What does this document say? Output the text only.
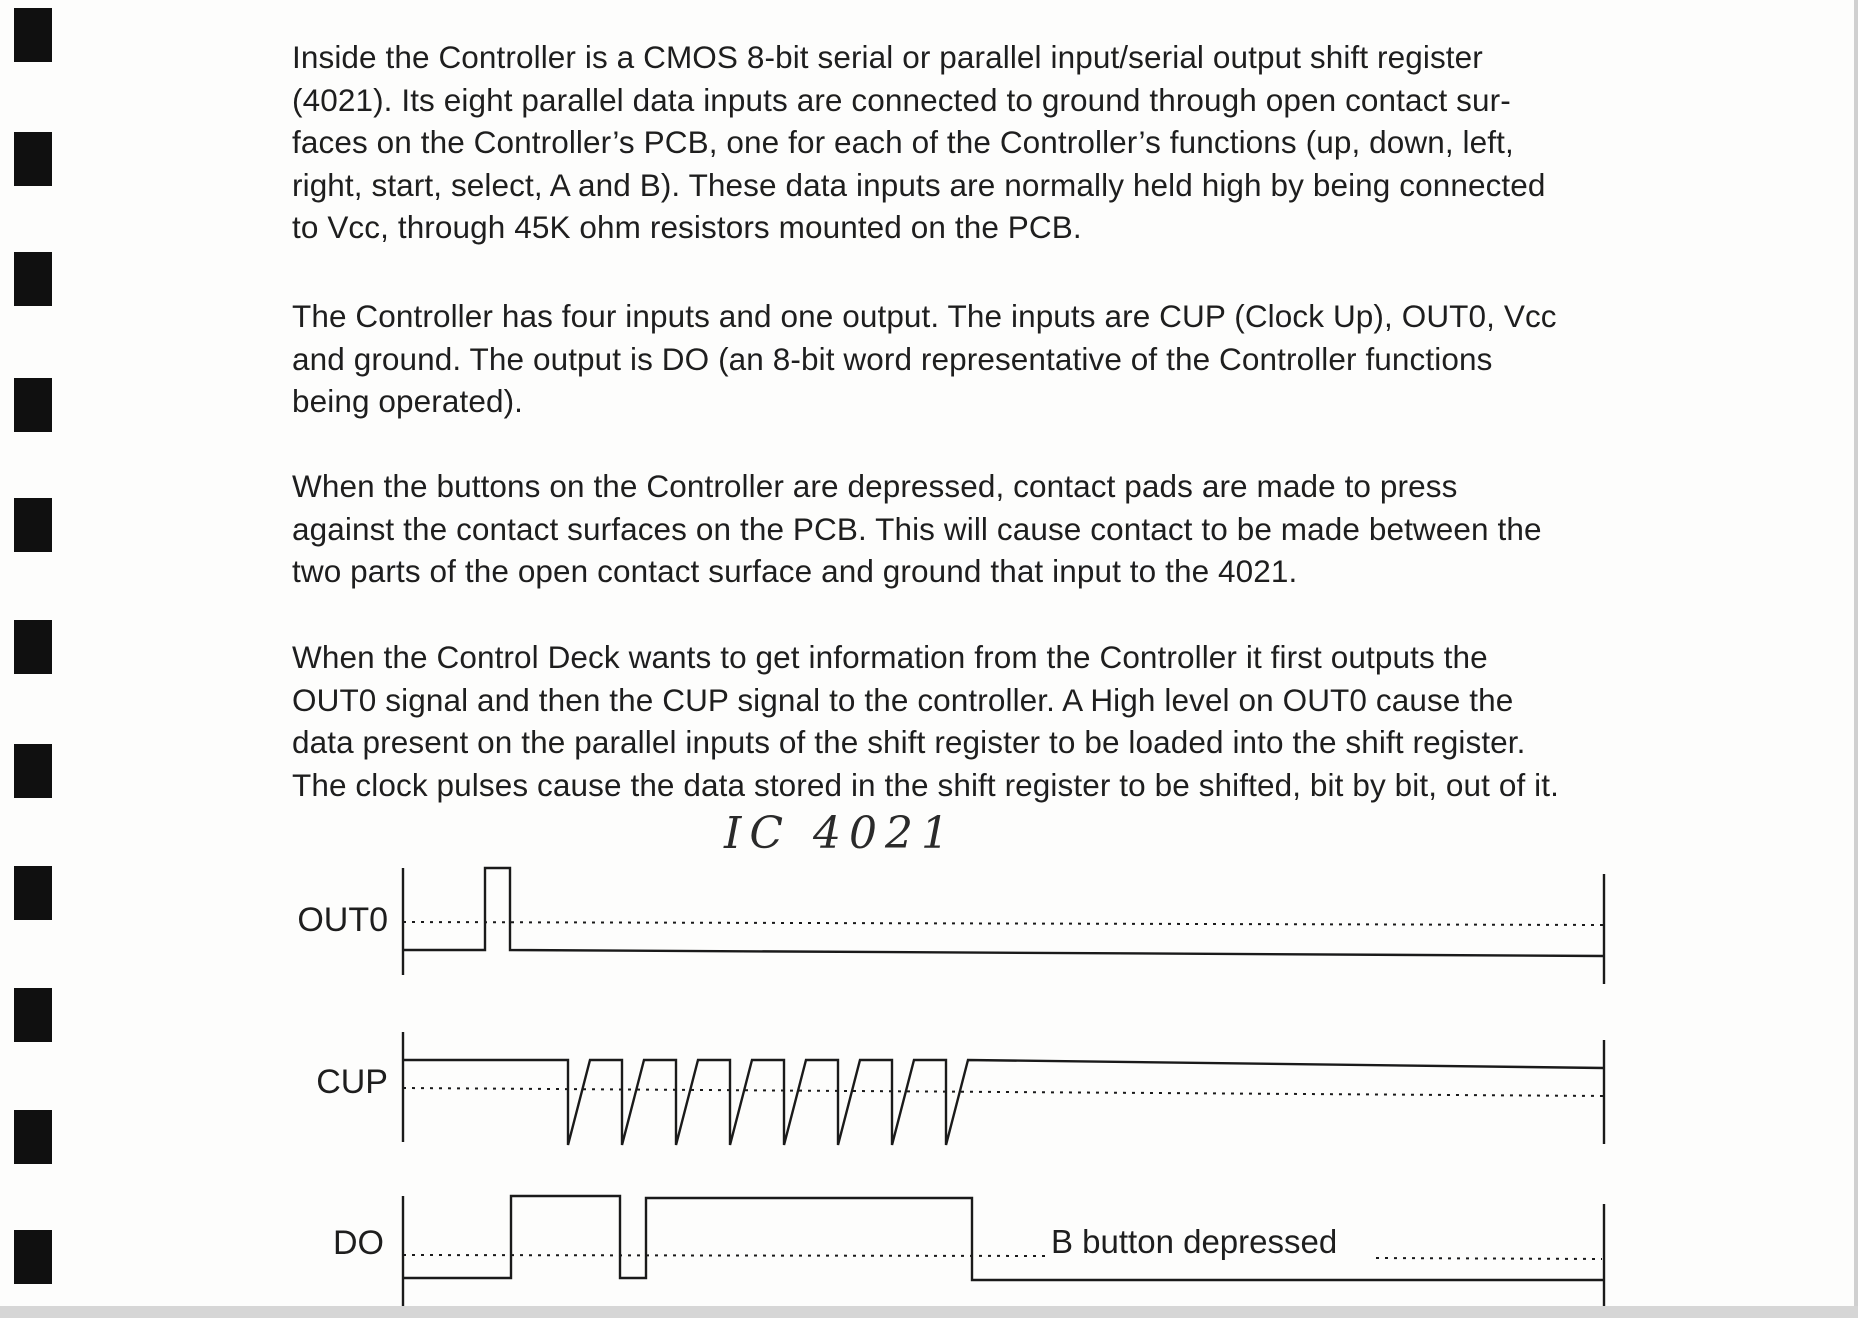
Inside the Controller is a CMOS 8-bit serial or parallel input/serial output shift register
(4021). Its eight parallel data inputs are connected to ground through open contact sur-
faces on the Controller’s PCB, one for each of the Controller’s functions (up, down, left,
right, start, select, A and B). These data inputs are normally held high by being connected
to Vcc, through 45K ohm resistors mounted on the PCB.

The Controller has four inputs and one output. The inputs are CUP (Clock Up), OUT0, Vcc
and ground. The output is DO (an 8-bit word representative of the Controller functions
being operated).

When the buttons on the Controller are depressed, contact pads are made to press
against the contact surfaces on the PCB. This will cause contact to be made between the
two parts of the open contact surface and ground that input to the 4021.

When the Control Deck wants to get information from the Controller it first outputs the
OUT0 signal and then the CUP signal to the controller. A High level on OUT0 cause the
data present on the parallel inputs of the shift register to be loaded into the shift register.
The clock pulses cause the data stored in the shift register to be shifted, bit by bit, out of it.

IC 4021
OUT0
CUP
DO	B button depressed
